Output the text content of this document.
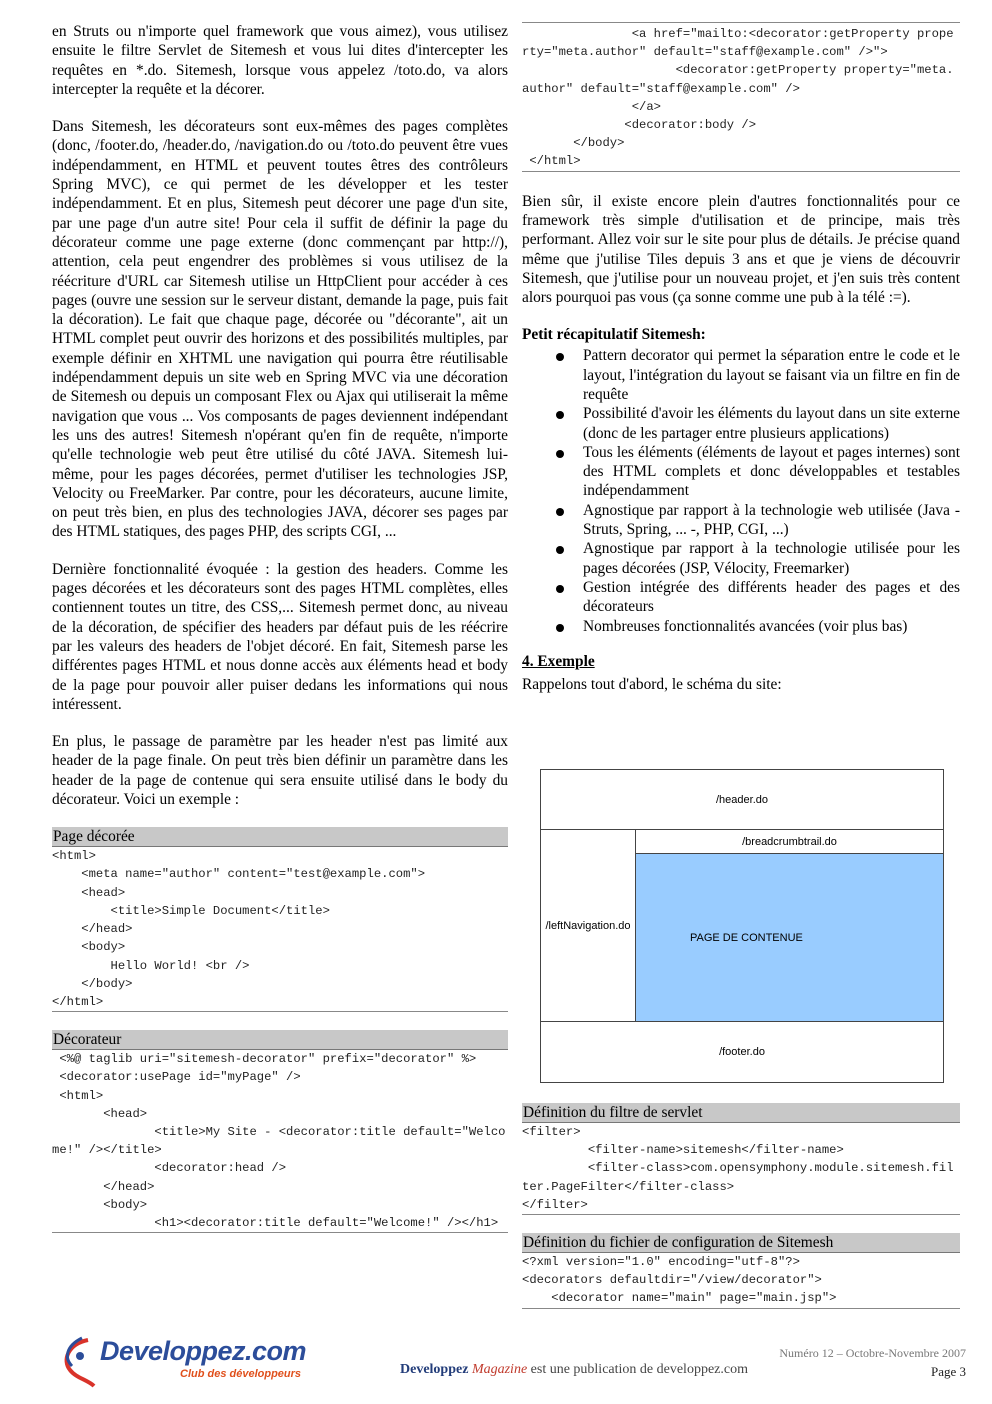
en Struts ou n'importe quel framework que vous aimez), vous utilisez ensuite le filtre Servlet de Sitemesh et vous lui dites d'intercepter les requêtes en *.do. Sitemesh, lorsque vous appelez /toto.do, va alors intercepter la requête et la décorer.

Dans Sitemesh, les décorateurs sont eux-mêmes des pages complètes (donc, /footer.do, /header.do, /navigation.do ou /toto.do peuvent être vues indépendamment, en HTML et peuvent toutes êtres des contrôleurs Spring MVC), ce qui permet de les développer et les tester indépendamment. Et en plus, Sitemesh peut décorer une page d'un site, par une page d'un autre site! Pour cela il suffit de définir la page du décorateur comme une page externe (donc commençant par http://), attention, cela peut engendrer des problèmes si vous utilisez de la réécriture d'URL car Sitemesh utilise un HttpClient pour accéder à ces pages (ouvre une session sur le serveur distant, demande la page, puis fait la décoration). Le fait que chaque page, décorée ou "décorante", ait un HTML complet peut ouvrir des horizons et des possibilités multiples, par exemple définir en XHTML une navigation qui pourra être réutilisable indépendamment depuis un site web en Spring MVC via une décoration de Sitemesh ou depuis un composant Flex ou Ajax qui utiliserait la même navigation que vous ... Vos composants de pages deviennent indépendant les uns des autres! Sitemesh n'opérant qu'en fin de requête, n'importe qu'elle technologie web peut être utilisé du côté JAVA. Sitemesh lui-même, pour les pages décorées, permet d'utiliser les technologies JSP, Velocity ou FreeMarker. Par contre, pour les décorateurs, aucune limite, on peut très bien, en plus des technologies JAVA, décorer ses pages par des HTML statiques, des pages PHP, des scripts CGI, ...

Dernière fonctionnalité évoquée : la gestion des headers. Comme les pages décorées et les décorateurs sont des pages HTML complètes, elles contiennent toutes un titre, des CSS,... Sitemesh permet donc, au niveau de la décoration, de spécifier des headers par défaut puis de les réécrire par les valeurs des headers de l'objet décoré. En fait, Sitemesh parse les différentes pages HTML et nous donne accès aux éléments head et body de la page pour pouvoir aller puiser dedans les informations qui nous intéressent.

En plus, le passage de paramètre par les header n'est pas limité aux header de la page finale. On peut très bien définir un paramètre dans les header de la page de contenue qui sera ensuite utilisé dans le body du décorateur. Voici un exemple :

Page décorée
<html>
<meta name="author" content="test@example.com">
<head>
<title>Simple Document</title>
</head>
<body>
Hello World! <br />
</body>
</html>
Décorateur
<%@ taglib uri="sitemesh-decorator" prefix="decorator" %>
<decorator:usePage id="myPage" />
<html>
<head>
<title>My Site - <decorator:title default="Welcome!" /></title>
<decorator:head />
</head>
<body>
<h1><decorator:title default="Welcome!" /></h1>
<a href="mailto:<decorator:getProperty property="meta.author" default="staff@example.com" />">
<decorator:getProperty property="meta.author" default="staff@example.com" />
</a>
<decorator:body />
</body>
</html>

Bien sûr, il existe encore plein d'autres fonctionnalités pour ce framework très simple d'utilisation et de principe, mais très performant. Allez voir sur le site pour plus de détails. Je précise quand même que j'utilise Tiles depuis 3 ans et que je viens de découvrir Sitemesh, que j'utilise pour un nouveau projet, et j'en suis très content alors pourquoi pas vous (ça sonne comme une pub à la télé :=).

Petit récapitulatif Sitemesh:
Pattern decorator qui permet la séparation entre le code et le layout, l'intégration du layout se faisant via un filtre en fin de requête
Possibilité d'avoir les éléments du layout dans un site externe (donc de les partager entre plusieurs applications)
Tous les éléments (éléments de layout et pages internes) sont des HTML complets et donc développables et testables indépendamment
Agnostique par rapport à la technologie web utilisée (Java - Struts, Spring, ... -, PHP, CGI, ...)
Agnostique par rapport à la technologie utilisée pour les pages décorées (JSP, Vélocity, Freemarker)
Gestion intégrée des différents header des pages et des décorateurs
Nombreuses fonctionnalités avancées (voir plus bas)
4. Exemple

Rappelons tout d'abord, le schéma du site:

/header.do
/leftNavigation.do
/breadcrumbtrail.do
PAGE DE CONTENUE
/footer.do
Définition du filtre de servlet
<filter>
<filter-name>sitemesh</filter-name>
<filter-class>com.opensymphony.module.sitemesh.filter.PageFilter</filter-class>
</filter>
Définition du fichier de configuration de Sitemesh
<?xml version="1.0" encoding="utf-8"?>
<decorators defaultdir="/view/decorator">
<decorator name="main" page="main.jsp">
Developpez.com
Club des développeurs
Numéro 12 – Octobre-Novembre 2007
Developpez Magazine est une publication de developpez.com	Page 3
